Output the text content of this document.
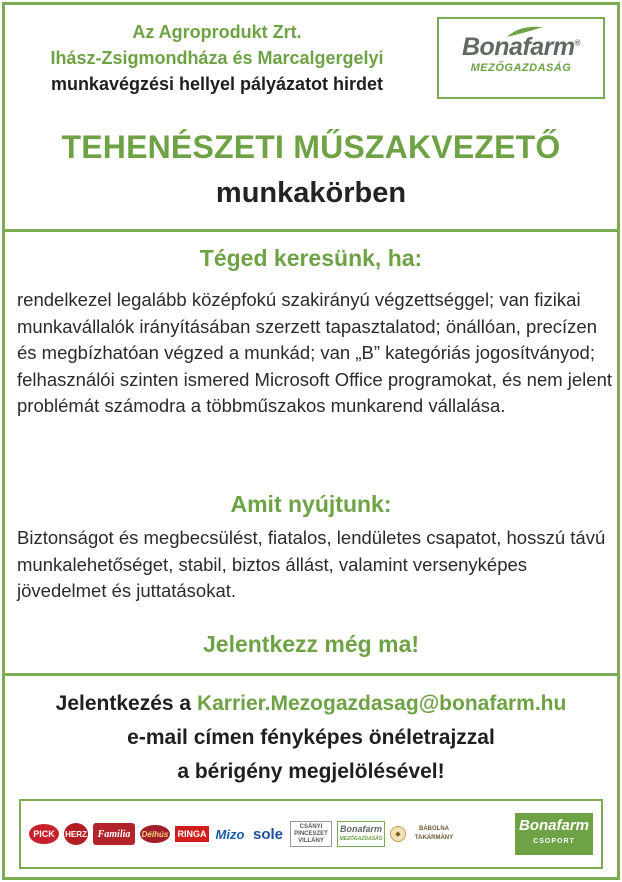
Az Agroprodukt Zrt.
Ihász-Zsigmondháza és Marcalgergelyi
munkavégzési hellyel pályázatot hirdet
Bonafarm®
MEZŐGAZDASÁG
TEHENÉSZETI MŰSZAKVEZETŐ
munkakörben
Téged keresünk, ha:
rendelkezel legalább középfokú szakirányú végzettséggel; van fizikai munkavállalók irányításában szerzett tapasztalatod; önállóan, precízen és megbízhatóan végzed a munkád; van „B” kategóriás jogosítványod; felhasználói szinten ismered Microsoft Office programokat, és nem jelent problémát számodra a többműszakos munkarend vállalása.
Amit nyújtunk:
Biztonságot és megbecsülést, fiatalos, lendületes csapatot, hosszú távú munkalehetőséget, stabil, biztos állást, valamint versenyképes jövedelmet és juttatásokat.
Jelentkezz még ma!
Jelentkezés a Karrier.Mezogazdasag@bonafarm.hu
e-mail címen fényképes önéletrajzzal
a bérigény megjelölésével!
PICK	HERZ	Familia	Délhús RINGA Mizo sole	CSÁNYI
PINCESZET
VILLÁNY
Bonafarm
MEZŐGAZDASÁG
◆
BÁBOLNA
TAKARMÁNY
Bonafarm
CSOPORT
